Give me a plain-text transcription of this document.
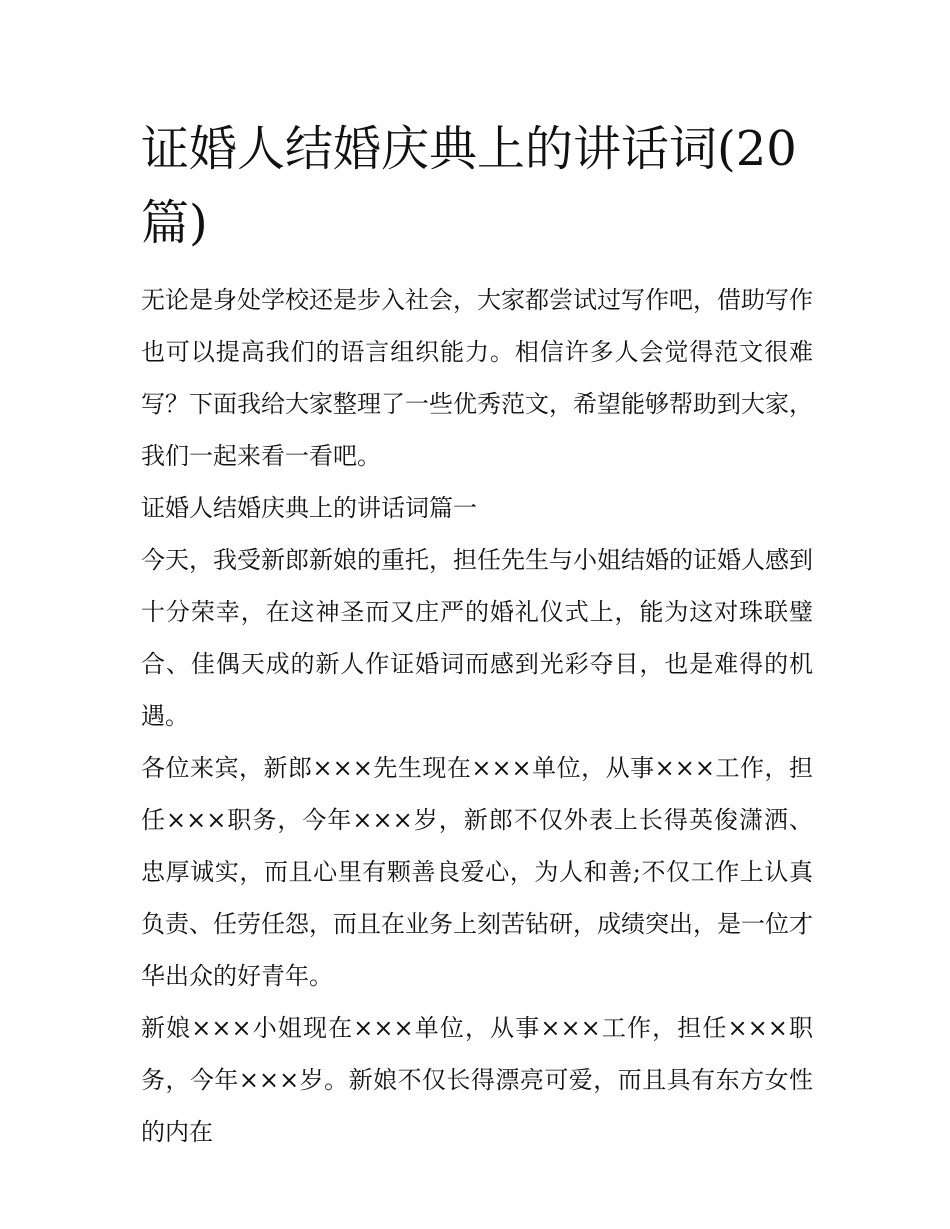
证婚人结婚庆典上的讲话词(20篇)

无论是身处学校还是步入社会，大家都尝试过写作吧，借助写作也可以提高我们的语言组织能力。相信许多人会觉得范文很难写？下面我给大家整理了一些优秀范文，希望能够帮助到大家，我们一起来看一看吧。

证婚人结婚庆典上的讲话词篇一

今天，我受新郎新娘的重托，担任先生与小姐结婚的证婚人感到十分荣幸，在这神圣而又庄严的婚礼仪式上，能为这对珠联璧合、佳偶天成的新人作证婚词而感到光彩夺目，也是难得的机遇。

各位来宾，新郎×××先生现在×××单位，从事×××工作，担任×××职务，今年×××岁，新郎不仅外表上长得英俊潇洒、忠厚诚实，而且心里有颗善良爱心，为人和善;不仅工作上认真负责、任劳任怨，而且在业务上刻苦钻研，成绩突出，是一位才华出众的好青年。

新娘×××小姐现在×××单位，从事×××工作，担任×××职务，今年×××岁。新娘不仅长得漂亮可爱，而且具有东方女性的内在
